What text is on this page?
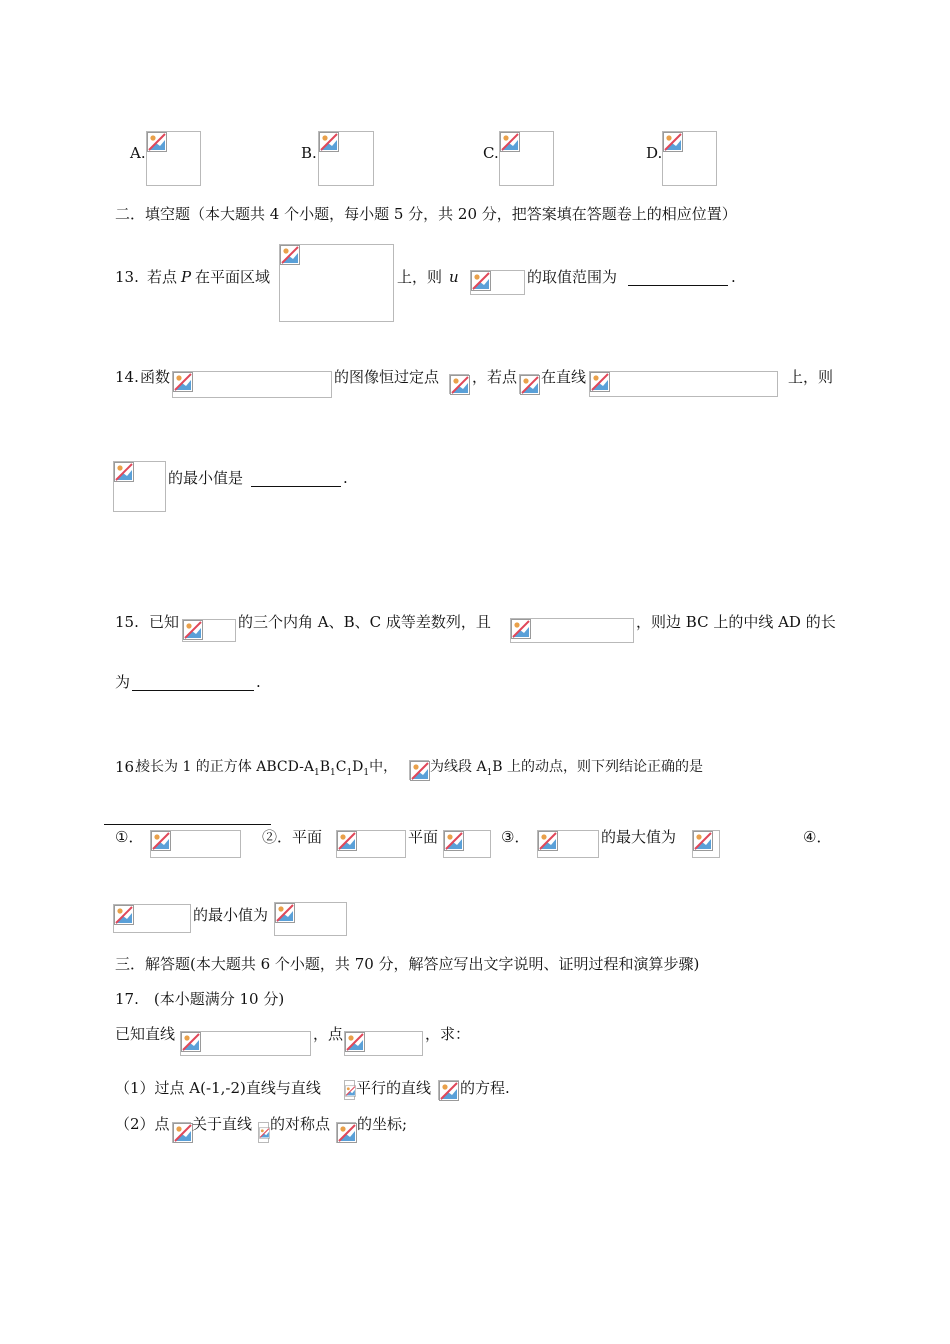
A.	B.	C.	D.
二．填空题（本大题共 4 个小题，每小题 5 分，共 20 分，把答案填在答题卷上的相应位置）
13. 若点 P 在平面区域	上，则 u	的取值范围为	.
14. 函数	的图像恒过定点 ，若点 在直线	上，则
的最小值是	.
15. 已知	的三个内角 A、B、C 成等差数列，且	，则边 BC 上的中线 AD 的长
为	.
16.
棱长为 1 的正方体 ABCD-$A_1B_1C_1D_1$中， 为线段 $A_1B$ 上的动点，则下列结论正确的是
①．	②．平面	平面	③．	的最大值为	④．
的最小值为
三．解答题(本大题共 6 个小题，共 70 分，解答应写出文字说明、证明过程和演算步骤)
17.　(本小题满分 10 分)
已知直线	，点	，求：
（1）过点 A(-1,-2)直线与直线 平行的直线 的方程.
（2）点 关于直线 的对称点 的坐标;
